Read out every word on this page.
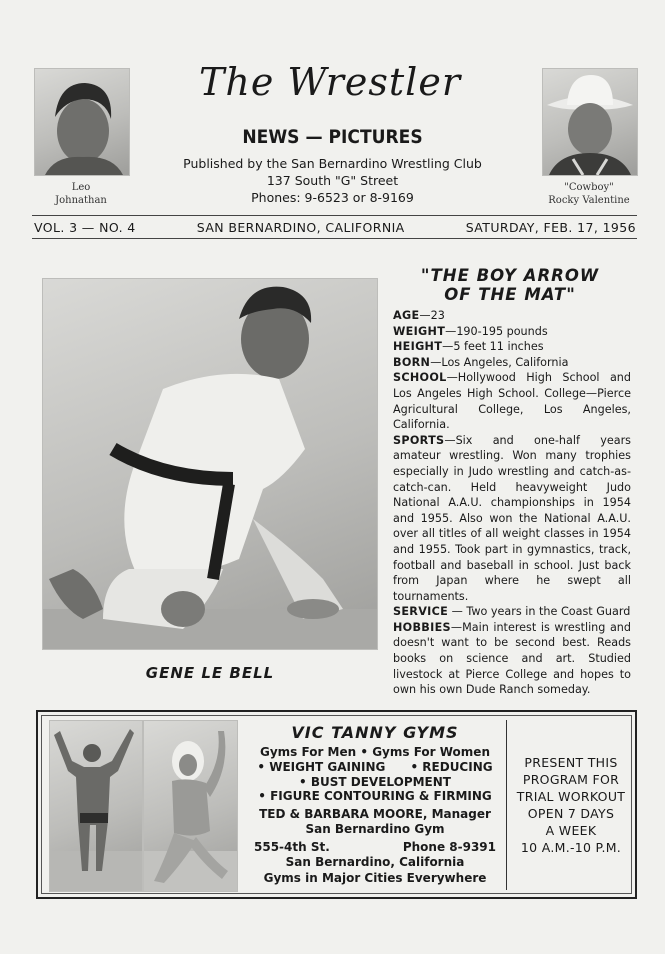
Leo
Johnathan
"Cowboy"
Rocky Valentine
The Wrestler
NEWS — PICTURES
Published by the San Bernardino Wrestling Club
137 South "G" Street
Phones: 9-6523 or 8-9169
VOL. 3 — NO. 4	SAN BERNARDINO, CALIFORNIA	SATURDAY, FEB. 17, 1956
GENE LE BELL
"THE BOY ARROW
OF THE MAT"

AGE—23

WEIGHT—190-195 pounds

HEIGHT—5 feet 11 inches

BORN—Los Angeles, California

SCHOOL—Hollywood High School and Los Angeles High School. College—Pierce Agricultural College, Los Angeles, California.

SPORTS—Six and one-half years amateur wrestling. Won many trophies especially in Judo wrestling and catch-as-catch-can. Held heavyweight Judo National A.A.U. championships in 1954 and 1955. Also won the National A.A.U. over all titles of all weight classes in 1954 and 1955. Took part in gymnastics, track, football and baseball in school. Just back from Japan where he swept all tournaments.

SERVICE — Two years in the Coast Guard

HOBBIES—Main interest is wrestling and doesn't want to be second best. Reads books on science and art. Studied livestock at Pierce College and hopes to own his own Dude Ranch someday.

VIC TANNY GYMS
Gyms For Men • Gyms For Women
• WEIGHT GAINING      • REDUCING
• BUST DEVELOPMENT
• FIGURE CONTOURING & FIRMING
TED & BARBARA MOORE, Manager
San Bernardino Gym
555-4th St.	Phone 8-9391
San Bernardino, California
Gyms in Major Cities Everywhere
PRESENT THIS
PROGRAM FOR
TRIAL WORKOUT
OPEN 7 DAYS
A WEEK
10 A.M.-10 P.M.
